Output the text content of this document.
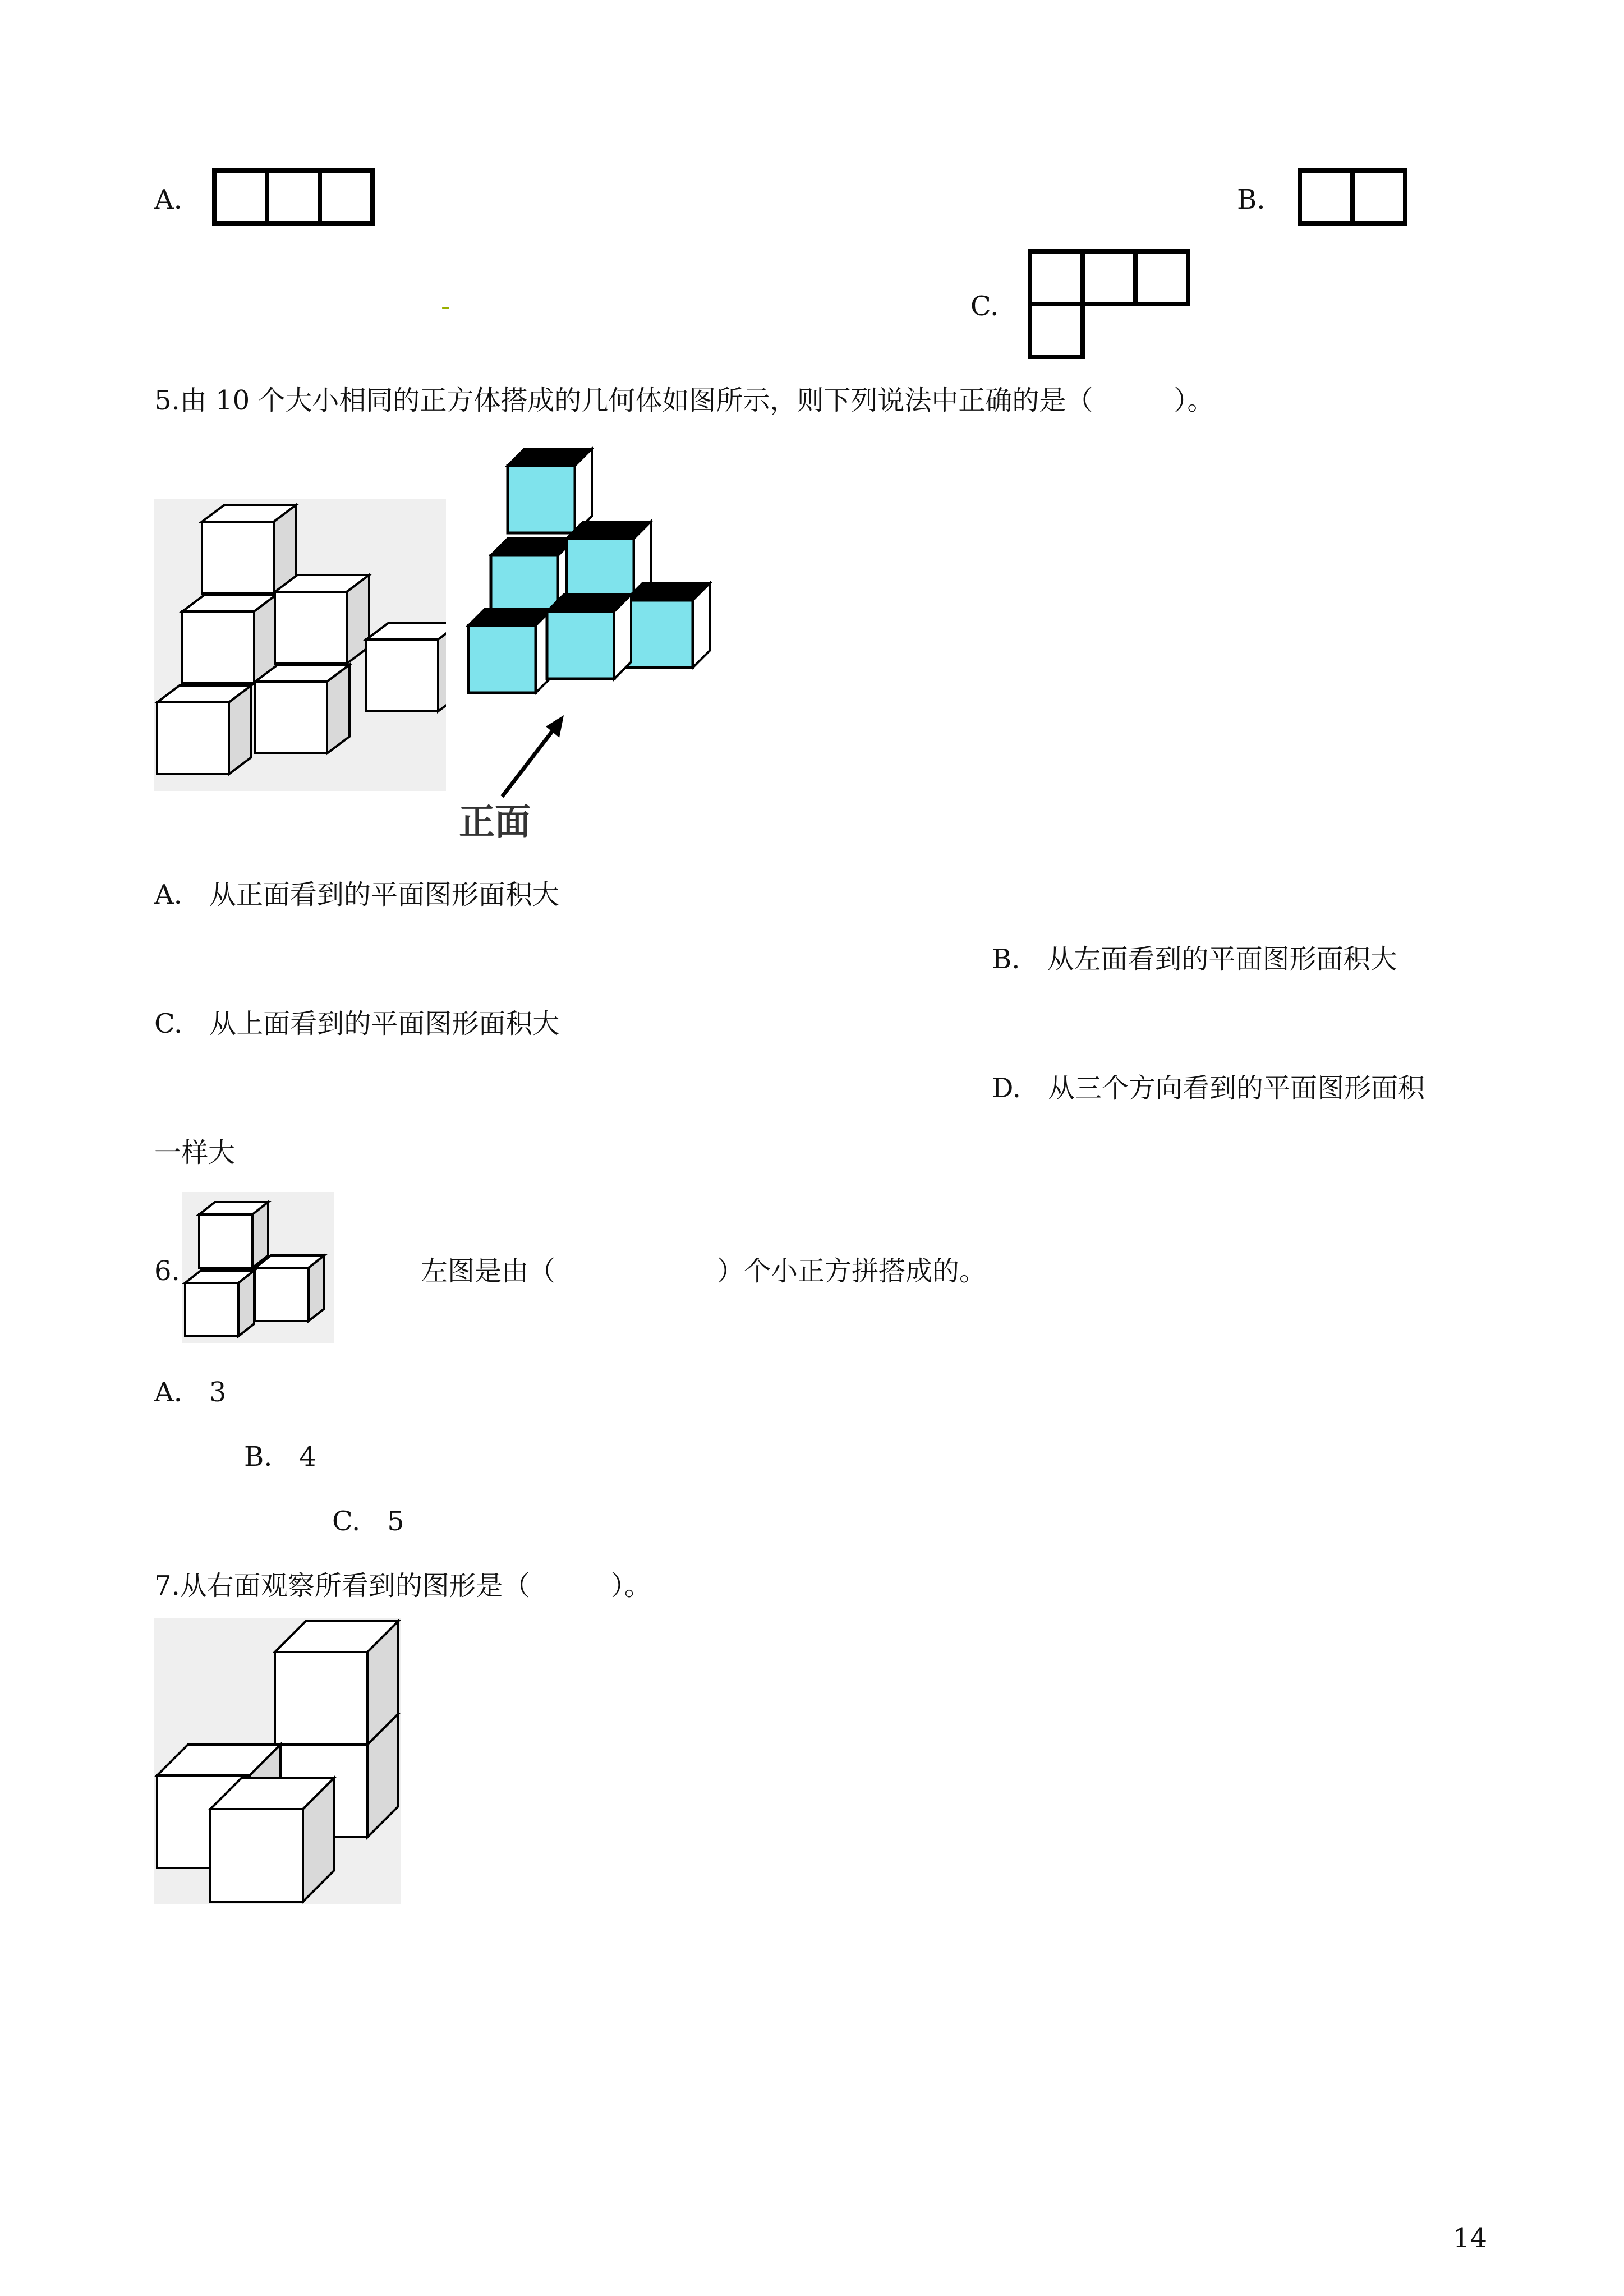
A.	B.
-	C.
5.由 10 个大小相同的正方体搭成的几何体如图所示，则下列说法中正确的是（　　　）。
正面
A.　从正面看到的平面图形面积大
B.　从左面看到的平面图形面积大
C.　从上面看到的平面图形面积大
D.　从三个方向看到的平面图形面积
一样大
6.	左图是由（　　　　　　）个小正方拼搭成的。
A.　3
B.　4
C.　5
7.从右面观察所看到的图形是（　　　）。
14
